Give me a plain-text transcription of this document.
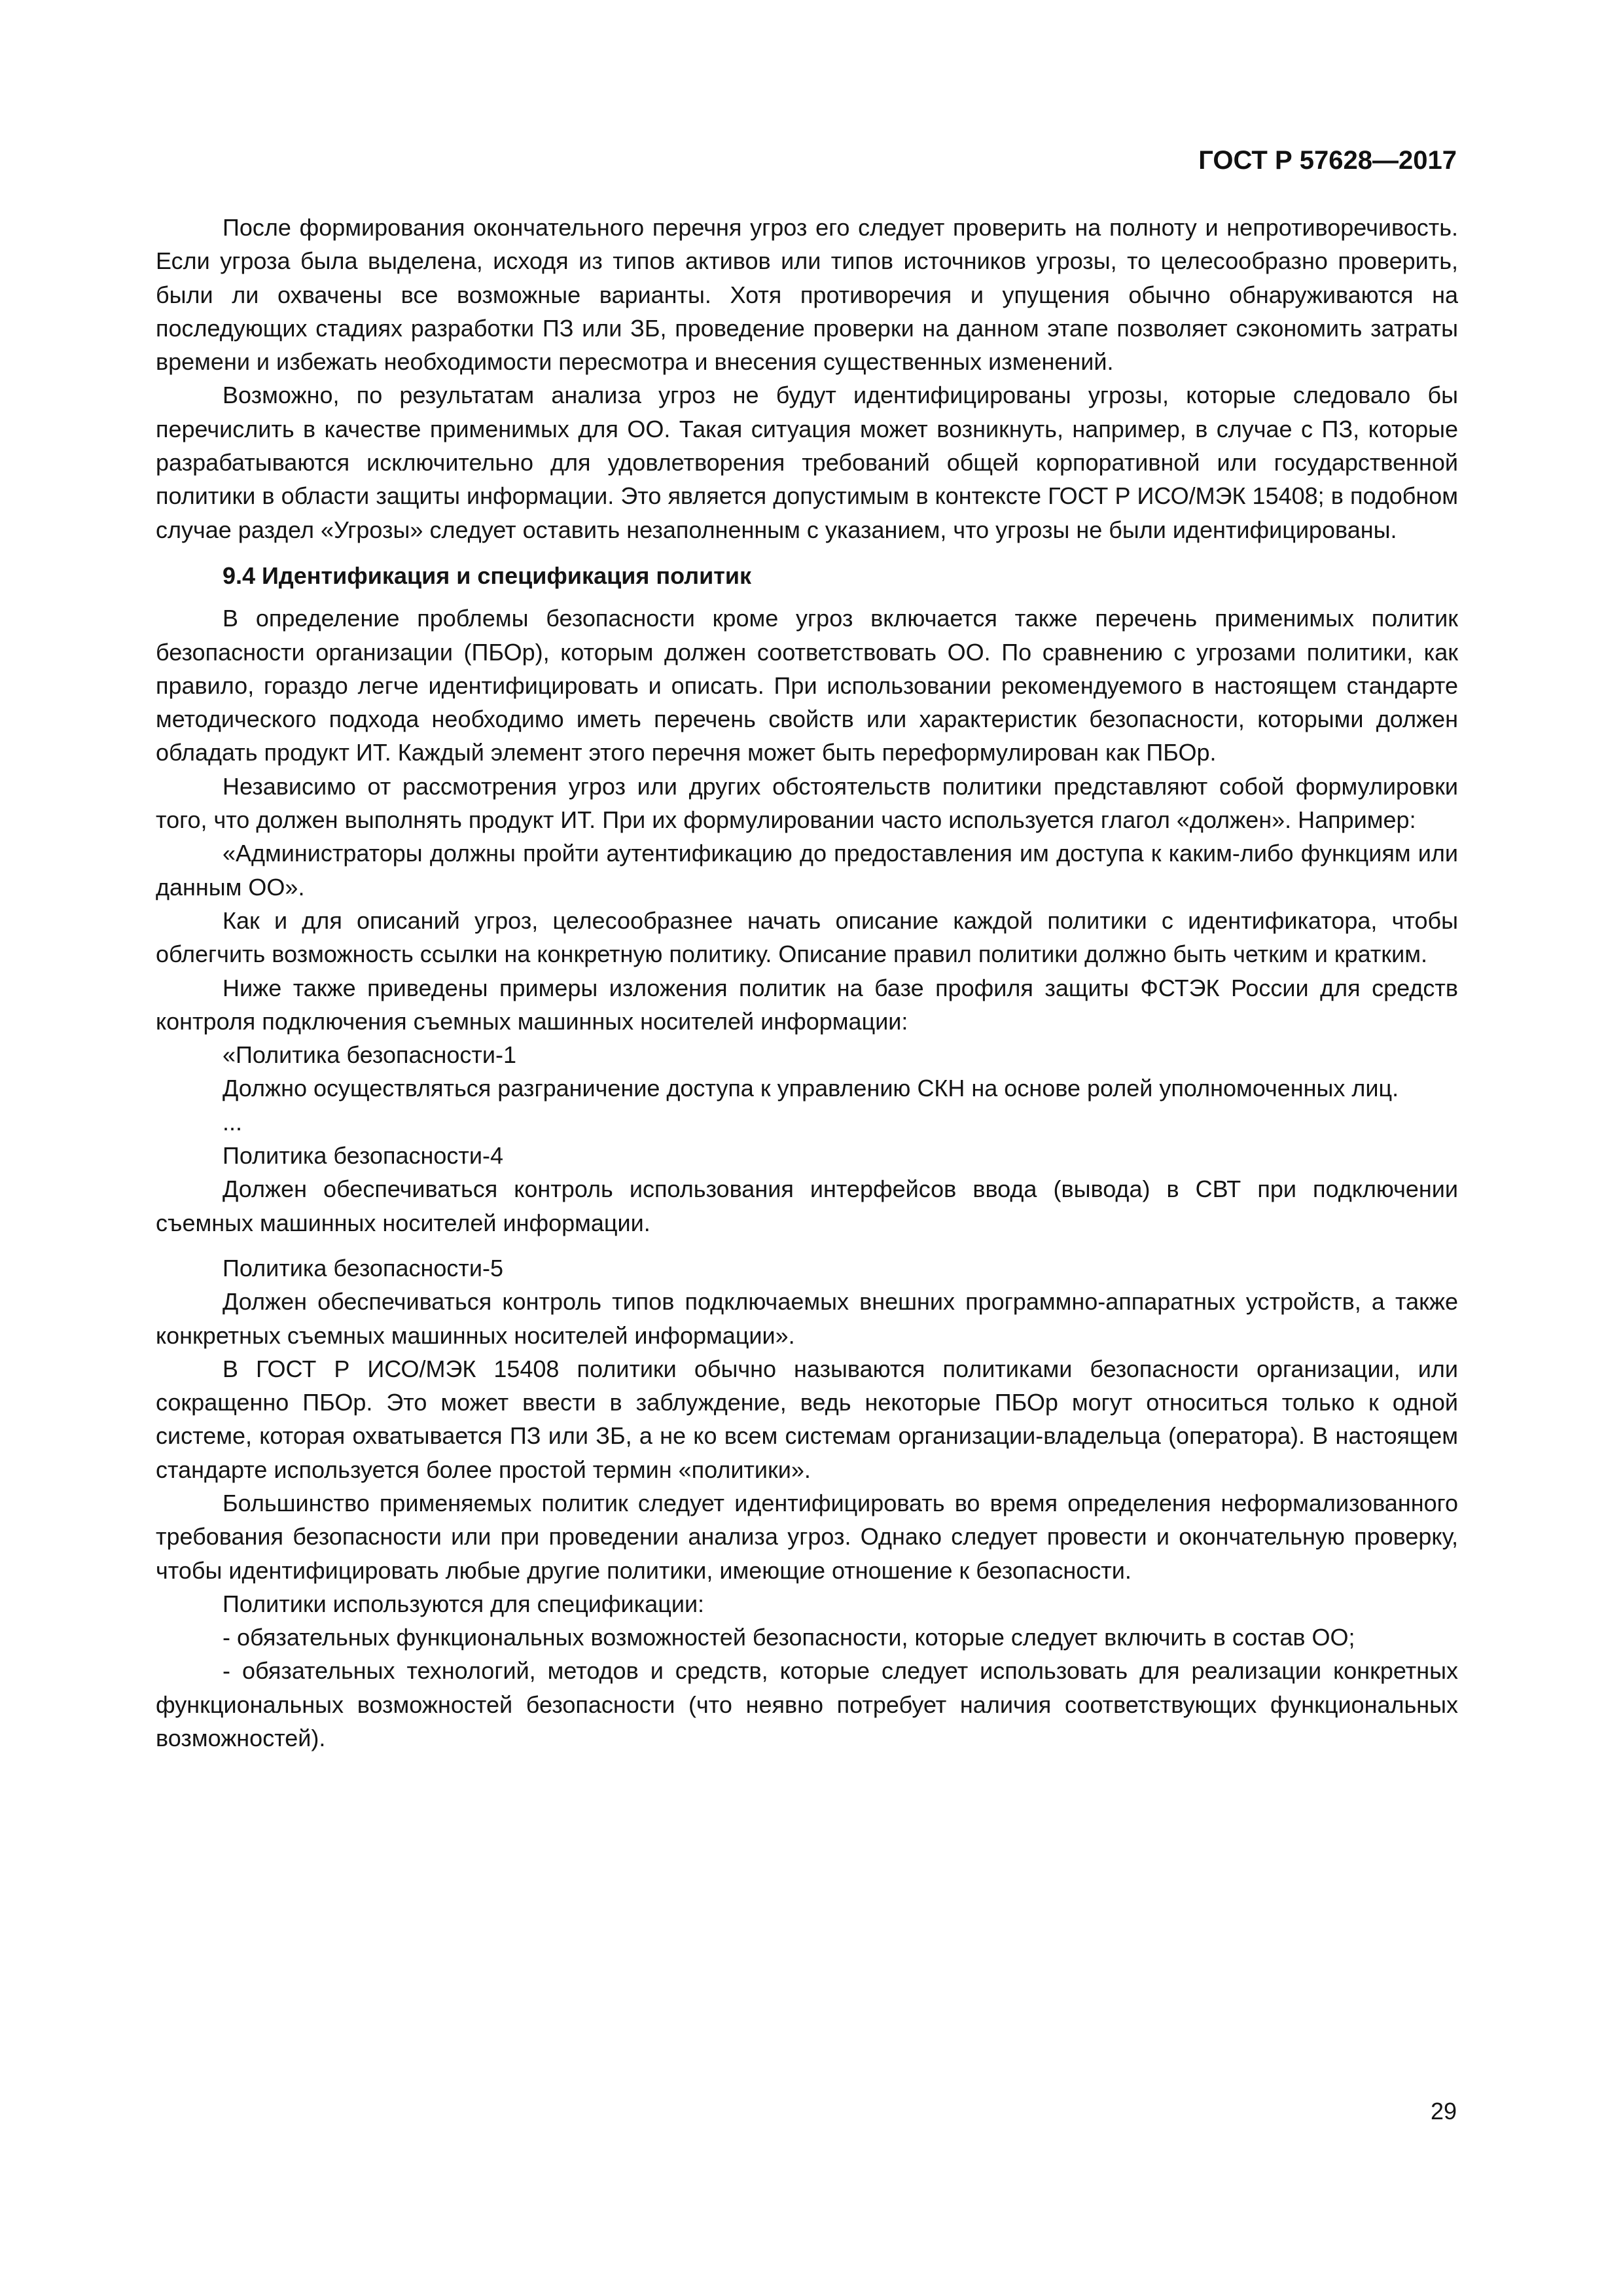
ГОСТ Р 57628—2017

После формирования окончательного перечня угроз его следует проверить на полноту и непротиворечивость. Если угроза была выделена, исходя из типов активов или типов источников угрозы, то целесообразно проверить, были ли охвачены все возможные варианты. Хотя противоречия и упущения обычно обнаруживаются на последующих стадиях разработки ПЗ или ЗБ, проведение проверки на данном этапе позволяет сэкономить затраты времени и избежать необходимости пересмотра и внесения существенных изменений.

Возможно, по результатам анализа угроз не будут идентифицированы угрозы, которые следовало бы перечислить в качестве применимых для ОО. Такая ситуация может возникнуть, например, в случае с ПЗ, которые разрабатываются исключительно для удовлетворения требований общей корпоративной или государственной политики в области защиты информации. Это является допустимым в контексте ГОСТ Р ИСО/МЭК 15408; в подобном случае раздел «Угрозы» следует оставить незаполненным с указанием, что угрозы не были идентифицированы.

9.4 Идентификация и спецификация политик

В определение проблемы безопасности кроме угроз включается также перечень применимых политик безопасности организации (ПБОр), которым должен соответствовать ОО. По сравнению с угрозами политики, как правило, гораздо легче идентифицировать и описать. При использовании рекомендуемого в настоящем стандарте методического подхода необходимо иметь перечень свойств или характеристик безопасности, которыми должен обладать продукт ИТ. Каждый элемент этого перечня может быть переформулирован как ПБОр.

Независимо от рассмотрения угроз или других обстоятельств политики представляют собой формулировки того, что должен выполнять продукт ИТ. При их формулировании часто используется глагол «должен». Например:

«Администраторы должны пройти аутентификацию до предоставления им доступа к каким-либо функциям или данным ОО».

Как и для описаний угроз, целесообразнее начать описание каждой политики с идентификатора, чтобы облегчить возможность ссылки на конкретную политику. Описание правил политики должно быть четким и кратким.

Ниже также приведены примеры изложения политик на базе профиля защиты ФСТЭК России для средств контроля подключения съемных машинных носителей информации:

«Политика безопасности-1

Должно осуществляться разграничение доступа к управлению СКН на основе ролей уполномоченных лиц.

...

Политика безопасности-4

Должен обеспечиваться контроль использования интерфейсов ввода (вывода) в СВТ при подключении съемных машинных носителей информации.

Политика безопасности-5

Должен обеспечиваться контроль типов подключаемых внешних программно-аппаратных устройств, а также конкретных съемных машинных носителей информации».

В ГОСТ Р ИСО/МЭК 15408 политики обычно называются политиками безопасности организации, или сокращенно ПБОр. Это может ввести в заблуждение, ведь некоторые ПБОр могут относиться только к одной системе, которая охватывается ПЗ или ЗБ, а не ко всем системам организации-владельца (оператора). В настоящем стандарте используется более простой термин «политики».

Большинство применяемых политик следует идентифицировать во время определения неформализованного требования безопасности или при проведении анализа угроз. Однако следует провести и окончательную проверку, чтобы идентифицировать любые другие политики, имеющие отношение к безопасности.

Политики используются для спецификации:

- обязательных функциональных возможностей безопасности, которые следует включить в состав ОО;

- обязательных технологий, методов и средств, которые следует использовать для реализации конкретных функциональных возможностей безопасности (что неявно потребует наличия соответствующих функциональных возможностей).

29
